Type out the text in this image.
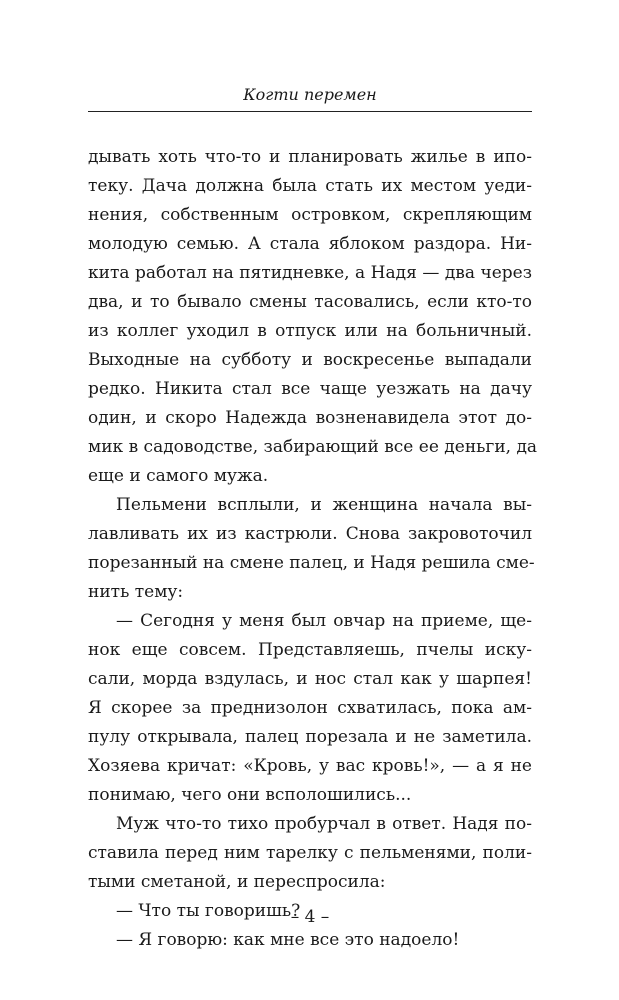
Когти перемен
дывать хоть что-то и планировать жилье в ипо-
теку. Дача должна была стать их местом уеди-
нения, собственным островком, скрепляющим
молодую семью. А стала яблоком раздора. Ни-
кита работал на пятидневке, а Надя — два через
два, и то бывало смены тасовались, если кто-то
из коллег уходил в отпуск или на больничный.
Выходные на субботу и воскресенье выпадали
редко. Никита стал все чаще уезжать на дачу
один, и скоро Надежда возненавидела этот до-
мик в садоводстве, забирающий все ее деньги, да
еще и самого мужа.
Пельмени всплыли, и женщина начала вы-
лавливать их из кастрюли. Снова закровоточил
порезанный на смене палец, и Надя решила сме-
нить тему:
— Сегодня у меня был овчар на приеме, ще-
нок еще совсем. Представляешь, пчелы иску-
сали, морда вздулась, и нос стал как у шарпея!
Я скорее за преднизолон схватилась, пока ам-
пулу открывала, палец порезала и не заметила.
Хозяева кричат: «Кровь, у вас кровь!», — а я не
понимаю, чего они всполошились...
Муж что-то тихо пробурчал в ответ. Надя по-
ставила перед ним тарелку с пельменями, поли-
тыми сметаной, и переспросила:
— Что ты говоришь?
— Я говорю: как мне все это надоело!
– 4 –
